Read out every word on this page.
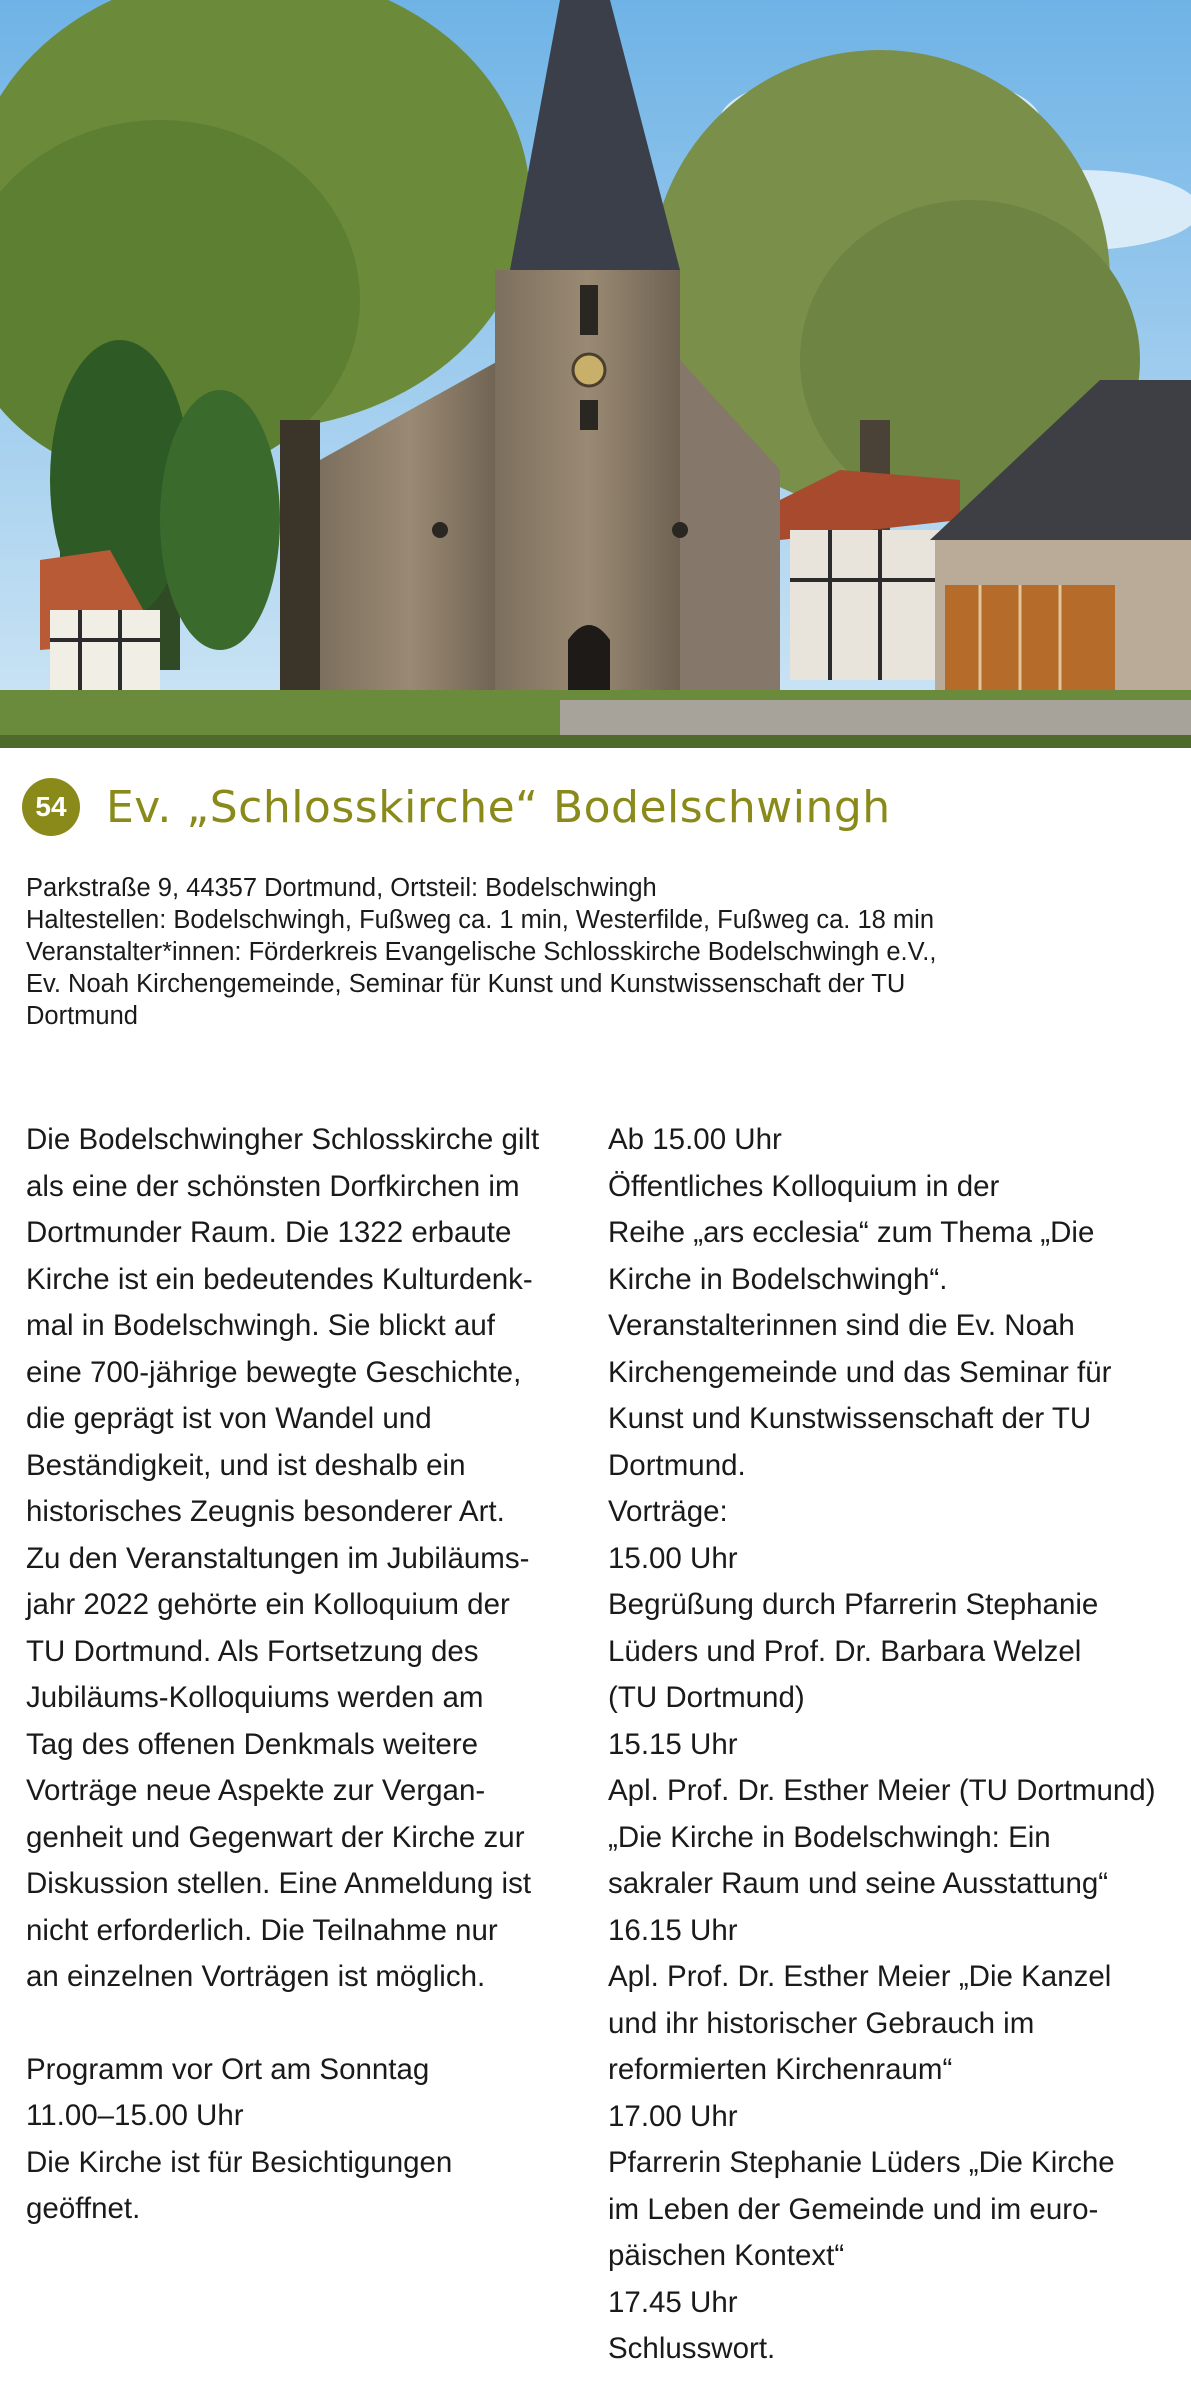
54 Ev. „Schlosskirche“ Bodelschwingh

Parkstraße 9, 44357 Dortmund, Ortsteil: Bodelschwingh

Haltestellen: Bodelschwingh, Fußweg ca. 1 min, Westerfilde, Fußweg ca. 18 min

Veranstalter*innen: Förderkreis Evangelische Schlosskirche Bodelschwingh e.V.,

Ev. Noah Kirchengemeinde, Seminar für Kunst und Kunstwissenschaft der TU

Dortmund

Die Bodelschwingher Schlosskirche gilt

als eine der schönsten Dorfkirchen im

Dortmunder Raum. Die 1322 erbaute

Kirche ist ein bedeutendes Kulturdenk-

mal in Bodelschwingh. Sie blickt auf

eine 700-jährige bewegte Geschichte,

die geprägt ist von Wandel und

Beständigkeit, und ist deshalb ein

historisches Zeugnis besonderer Art.

Zu den Veranstaltungen im Jubiläums-

jahr 2022 gehörte ein Kolloquium der

TU Dortmund. Als Fortsetzung des

Jubiläums-Kolloquiums werden am

Tag des offenen Denkmals weitere

Vorträge neue Aspekte zur Vergan-

genheit und Gegenwart der Kirche zur

Diskussion stellen. Eine Anmeldung ist

nicht erforderlich. Die Teilnahme nur

an einzelnen Vorträgen ist möglich.

Programm vor Ort am Sonntag

11.00–15.00 Uhr

Die Kirche ist für Besichtigungen

geöffnet.

Ab 15.00 Uhr

Öffentliches Kolloquium in der

Reihe „ars ecclesia“ zum Thema „Die

Kirche in Bodelschwingh“.

Veranstalterinnen sind die Ev. Noah

Kirchengemeinde und das Seminar für

Kunst und Kunstwissenschaft der TU

Dortmund.

Vorträge:

15.00 Uhr

Begrüßung durch Pfarrerin Stephanie

Lüders und Prof. Dr. Barbara Welzel

(TU Dortmund)

15.15 Uhr

Apl. Prof. Dr. Esther Meier (TU Dortmund)

„Die Kirche in Bodelschwingh: Ein

sakraler Raum und seine Ausstattung“

16.15 Uhr

Apl. Prof. Dr. Esther Meier „Die Kanzel

und ihr historischer Gebrauch im

reformierten Kirchenraum“

17.00 Uhr

Pfarrerin Stephanie Lüders „Die Kirche

im Leben der Gemeinde und im euro-

päischen Kontext“

17.45 Uhr

Schlusswort.
